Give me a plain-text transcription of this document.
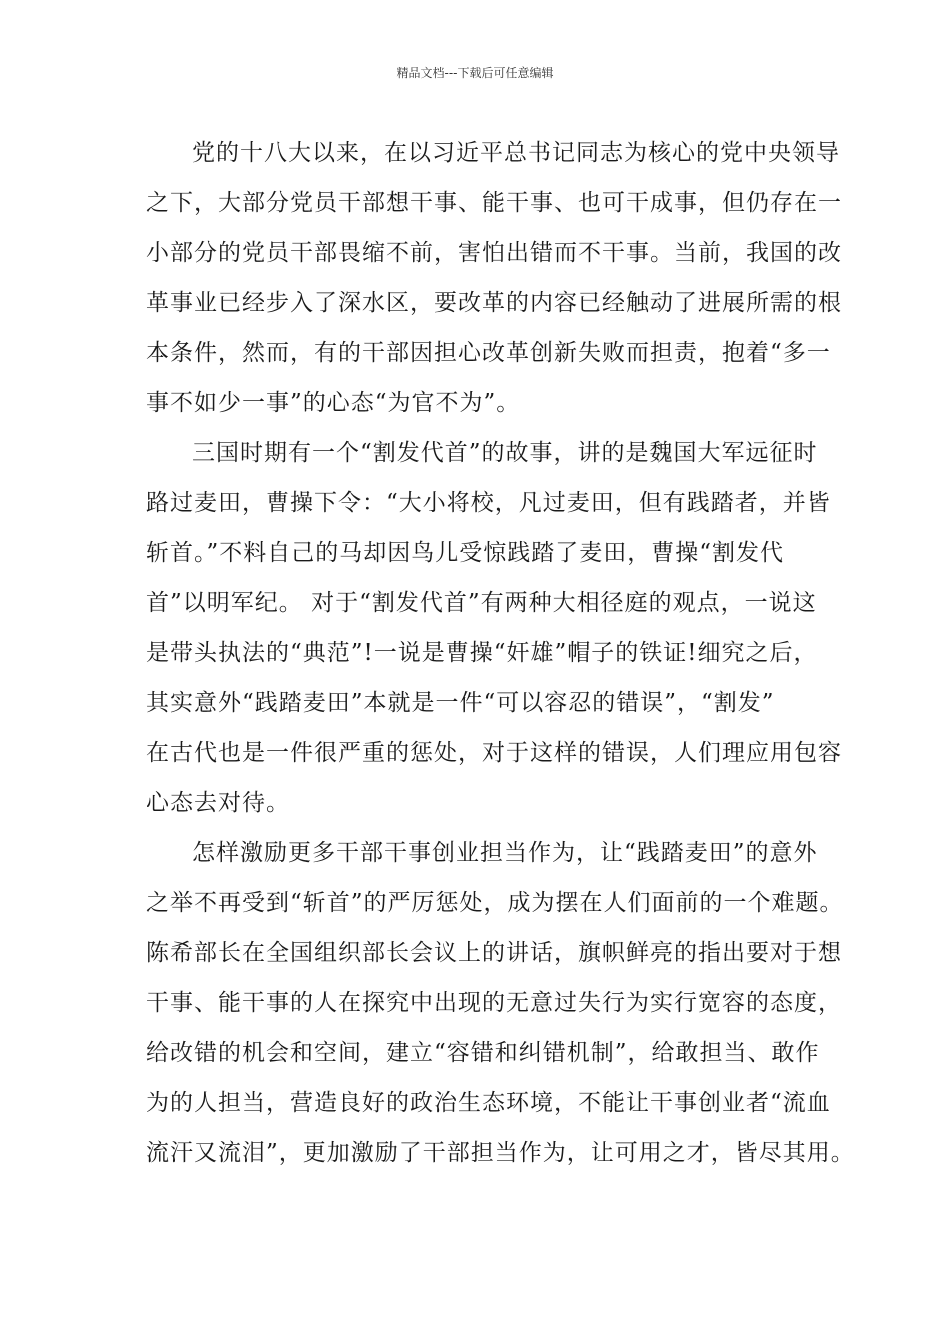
精品文档---下载后可任意编辑
党的十八大以来，在以习近平总书记同志为核心的党中央领导
之下，大部分党员干部想干事、能干事、也可干成事，但仍存在一
小部分的党员干部畏缩不前，害怕出错而不干事。当前，我国的改
革事业已经步入了深水区，要改革的内容已经触动了进展所需的根
本条件，然而，有的干部因担心改革创新失败而担责，抱着“多一
事不如少一事”的心态“为官不为”。
三国时期有一个“割发代首”的故事，讲的是魏国大军远征时
路过麦田，曹操下令：“大小将校，凡过麦田，但有践踏者，并皆
斩首。”不料自己的马却因鸟儿受惊践踏了麦田，曹操“割发代
首”以明军纪。 对于“割发代首”有两种大相径庭的观点，一说这
是带头执法的“典范”!一说是曹操“奸雄”帽子的铁证!细究之后，
其实意外“践踏麦田”本就是一件“可以容忍的错误”，“割发”
在古代也是一件很严重的惩处，对于这样的错误，人们理应用包容
心态去对待。
怎样激励更多干部干事创业担当作为，让“践踏麦田”的意外
之举不再受到“斩首”的严厉惩处，成为摆在人们面前的一个难题。
陈希部长在全国组织部长会议上的讲话，旗帜鲜亮的指出要对于想
干事、能干事的人在探究中出现的无意过失行为实行宽容的态度，
给改错的机会和空间，建立“容错和纠错机制”，给敢担当、敢作
为的人担当，营造良好的政治生态环境，不能让干事创业者“流血
流汗又流泪”，更加激励了干部担当作为，让可用之才，皆尽其用。
